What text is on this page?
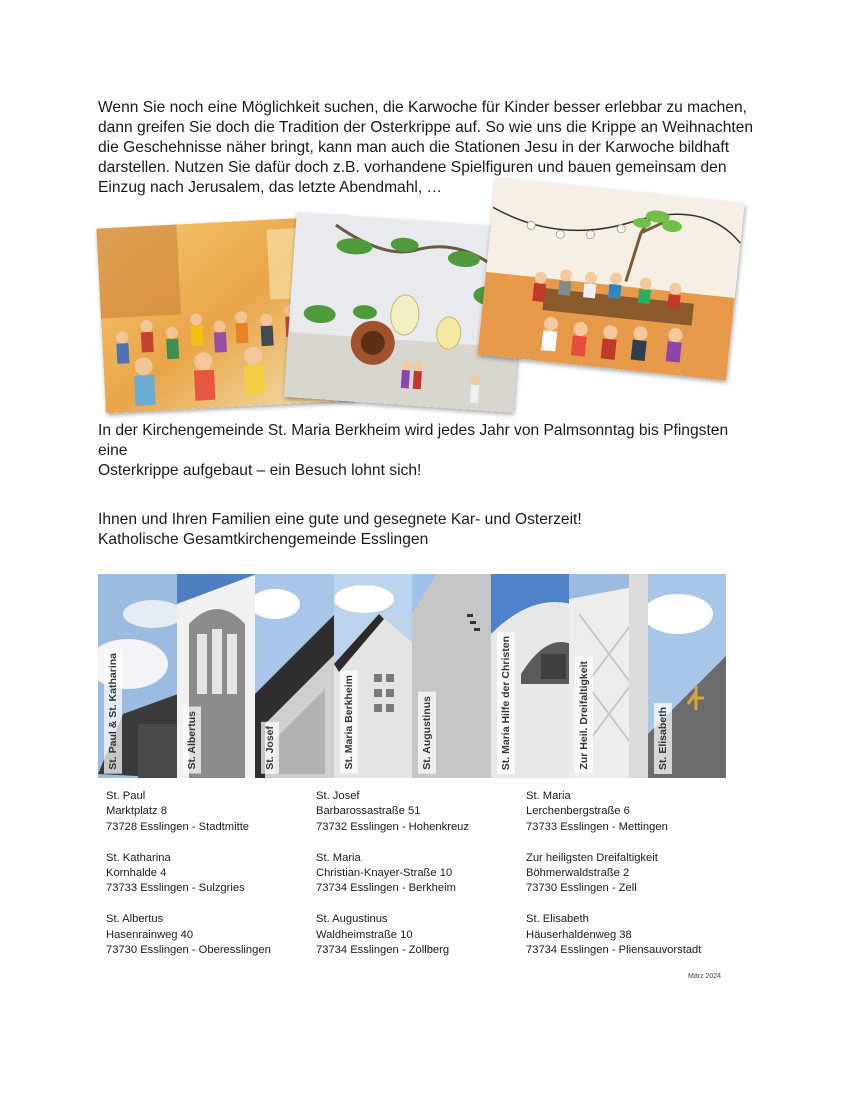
Wenn Sie noch eine Möglichkeit suchen, die Karwoche für Kinder besser erlebbar zu machen,
dann greifen Sie doch die Tradition der Osterkrippe auf. So wie uns die Krippe an Weihnachten
die Geschehnisse näher bringt, kann man auch die Stationen Jesu in der Karwoche bildhaft
darstellen. Nutzen Sie dafür doch z.B. vorhandene Spielfiguren und bauen gemeinsam den
Einzug nach Jerusalem, das letzte Abendmahl, …
In der Kirchengemeinde St. Maria Berkheim wird jedes Jahr von Palmsonntag bis Pfingsten eine
Osterkrippe aufgebaut – ein Besuch lohnt sich!
Ihnen und Ihren Familien eine gute und gesegnete Kar- und Osterzeit!
Katholische Gesamtkirchengemeinde Esslingen
St. Paul & St. Katharina	St. Albertus	St. Josef	St. Maria Berkheim	St. Augustinus	St. Maria Hilfe der Christen	Zur Heil. Dreifaltigkeit	St. Elisabeth
St. Paul
Marktplatz 8
73728 Esslingen - Stadtmitte
St. Katharina
Kornhalde 4
73733 Esslingen - Sulzgries
St. Albertus
Hasenrainweg 40
73730 Esslingen - Oberesslingen
St. Josef
Barbarossastraße 51
73732 Esslingen - Hohenkreuz
St. Maria
Christian-Knayer-Straße 10
73734 Esslingen - Berkheim
St. Augustinus
Waldheimstraße 10
73734 Esslingen - Zollberg
St. Maria
Lerchenbergstraße 6
73733 Esslingen - Mettingen
Zur heiligsten Dreifaltigkeit
Böhmerwaldstraße 2
73730 Esslingen - Zell
St. Elisabeth
Häuserhaldenweg 38
73734 Esslingen - Pliensauvorstadt
März 2024
